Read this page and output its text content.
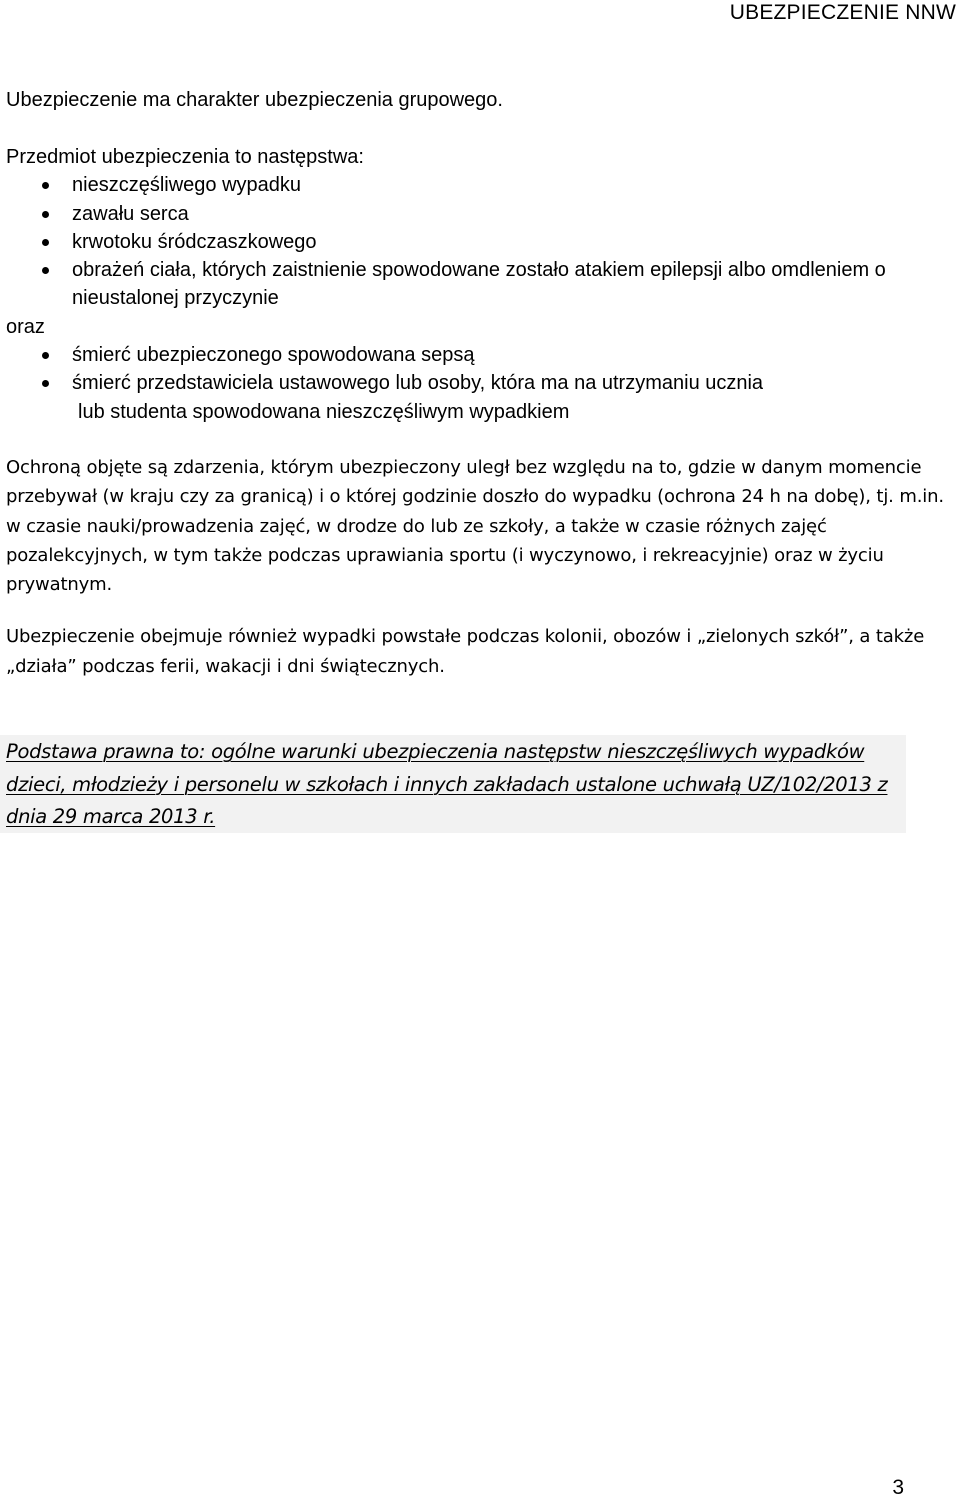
UBEZPIECZENIE NNW
Ubezpieczenie ma charakter ubezpieczenia grupowego.

Przedmiot ubezpieczenia to następstwa:

nieszczęśliwego wypadku
zawału serca
krwotoku śródczaszkowego
obrażeń ciała, których zaistnienie spowodowane zostało atakiem epilepsji albo omdleniem o nieustalonej przyczynie

oraz

śmierć ubezpieczonego spowodowana sepsą
śmierć przedstawiciela ustawowego lub osoby, która ma na utrzymaniu ucznia
lub studenta spowodowana nieszczęśliwym wypadkiem

Ochroną objęte są zdarzenia, którym ubezpieczony uległ bez względu na to, gdzie w danym momencie przebywał (w kraju czy za granicą) i o której godzinie doszło do wypadku (ochrona 24 h na dobę), tj. m.in. w czasie nauki/prowadzenia zajęć, w drodze do lub ze szkoły, a także w czasie różnych zajęć pozalekcyjnych, w tym także podczas uprawiania sportu (i wyczynowo, i rekreacyjnie) oraz w życiu prywatnym.

Ubezpieczenie obejmuje również wypadki powstałe podczas kolonii, obozów i „zielonych szkół”, a także „działa” podczas ferii, wakacji i dni świątecznych.

Podstawa prawna to: ogólne warunki ubezpieczenia następstw nieszczęśliwych wypadków dzieci, młodzieży i personelu w szkołach i innych zakładach ustalone uchwałą UZ/102/2013 z dnia 29 marca 2013 r.

3
